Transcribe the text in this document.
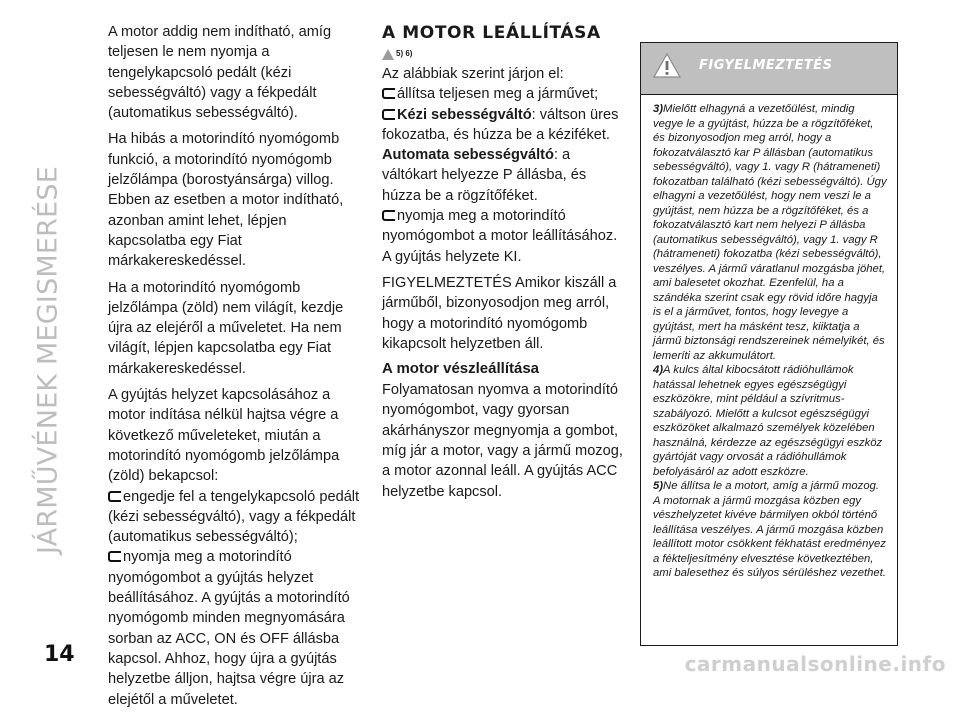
JÁRMŰVÉNEK MEGISMERÉSE

A motor addig nem indítható, amíg teljesen le nem nyomja a tengelykapcsoló pedált (kézi sebességváltó) vagy a fékpedált (automatikus sebességváltó).

Ha hibás a motorindító nyomógomb funkció, a motorindító nyomógomb jelzőlámpa (borostyánsárga) villog. Ebben az esetben a motor indítható, azonban amint lehet, lépjen kapcsolatba egy Fiat márkakereskedéssel.

Ha a motorindító nyomógomb jelzőlámpa (zöld) nem világít, kezdje újra az elejéről a műveletet. Ha nem világít, lépjen kapcsolatba egy Fiat márkakereskedéssel.

A gyújtás helyzet kapcsolásához a motor indítása nélkül hajtsa végre a következő műveleteket, miután a motorindító nyomógomb jelzőlámpa (zöld) bekapcsol:

engedje fel a tengelykapcsoló pedált (kézi sebességváltó), vagy a fékpedált (automatikus sebességváltó);

nyomja meg a motorindító nyomógombot a gyújtás helyzet beállításához. A gyújtás a motorindító nyomógomb minden megnyomására sorban az ACC, ON és OFF állásba kapcsol. Ahhoz, hogy újra a gyújtás helyzetbe álljon, hajtsa végre újra az elejétől a műveletet.

A MOTOR LEÁLLÍTÁSA
5) 6)

Az alábbiak szerint járjon el:

állítsa teljesen meg a járművet;

Kézi sebességváltó: váltson üres fokozatba, és húzza be a kéziféket.

Automata sebességváltó: a váltókart helyezze P állásba, és húzza be a rögzítőféket.

nyomja meg a motorindító nyomógombot a motor leállításához. A gyújtás helyzete KI.

FIGYELMEZTETÉS Amikor kiszáll a járműből, bizonyosodjon meg arról, hogy a motorindító nyomógomb kikapcsolt helyzetben áll.

A motor vészleállítása

Folyamatosan nyomva a motorindító nyomógombot, vagy gyorsan akárhányszor megnyomja a gombot, míg jár a motor, vagy a jármű mozog, a motor azonnal leáll. A gyújtás ACC helyzetbe kapcsol.

FIGYELMEZTETÉS

3)Mielőtt elhagyná a vezetőülést, mindig vegye le a gyújtást, húzza be a rögzítőféket, és bizonyosodjon meg arról, hogy a fokozatválasztó kar P állásban (automatikus sebességváltó), vagy 1. vagy R (hátrameneti) fokozatban található (kézi sebességváltó). Úgy elhagyni a vezetőülést, hogy nem veszi le a gyújtást, nem húzza be a rögzítőféket, és a fokozatválasztó kart nem helyezi P állásba (automatikus sebességváltó), vagy 1. vagy R (hátrameneti) fokozatba (kézi sebességváltó), veszélyes. A jármű váratlanul mozgásba jöhet, ami balesetet okozhat. Ezenfelül, ha a szándéka szerint csak egy rövid időre hagyja is el a járművet, fontos, hogy levegye a gyújtást, mert ha másként tesz, kiiktatja a jármű biztonsági rendszereinek némelyikét, és lemeríti az akkumulátort.

4)A kulcs által kibocsátott rádióhullámok hatással lehetnek egyes egészségügyi eszközökre, mint például a szívritmus-szabályozó. Mielőtt a kulcsot egészségügyi eszközöket alkalmazó személyek közelében használná, kérdezze az egészségügyi eszköz gyártóját vagy orvosát a rádióhullámok befolyásáról az adott eszközre.

5)Ne állítsa le a motort, amíg a jármű mozog. A motornak a jármű mozgása közben egy vészhelyzetet kivéve bármilyen okból történő leállítása veszélyes. A jármű mozgása közben leállított motor csökkent fékhatást eredményez a fékteljesítmény elvesztése következtében, ami balesethez és súlyos sérüléshez vezethet.

14	carmanualsonline.info
